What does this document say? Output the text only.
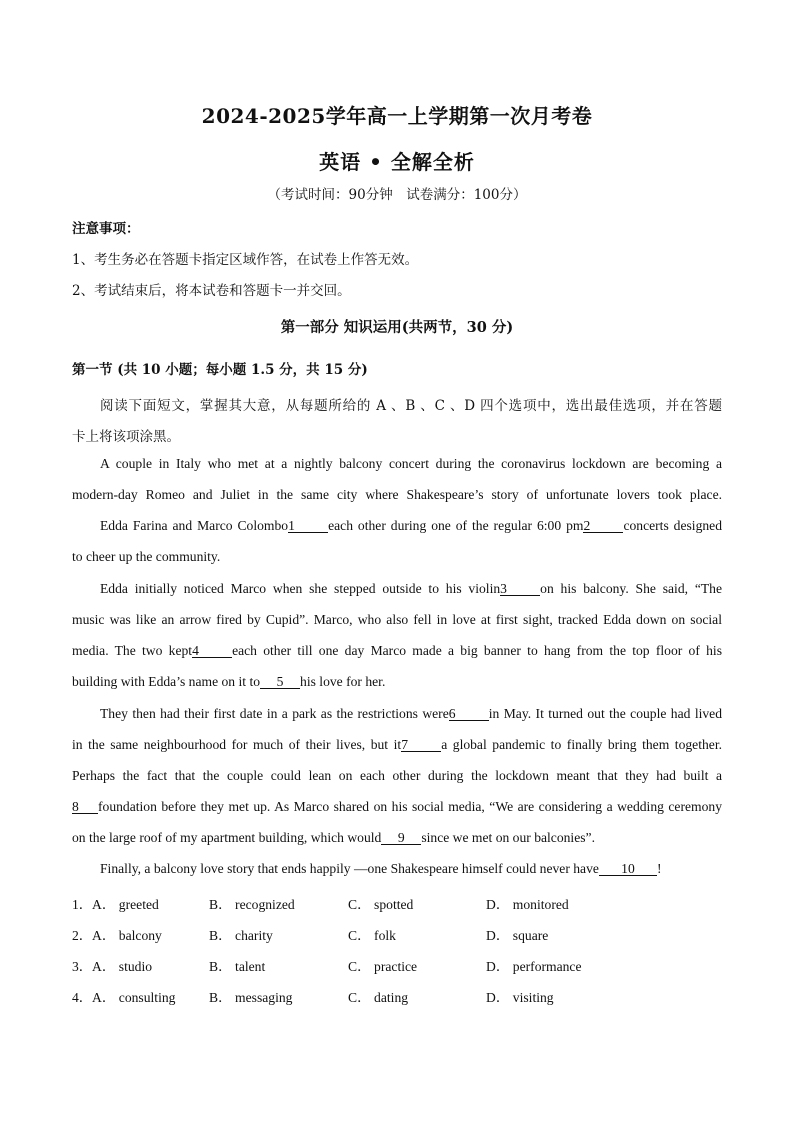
2024-2025学年高一上学期第一次月考卷
英语 • 全解全析
（考试时间：90分钟　试卷满分：100分）
注意事项：
1、考生务必在答题卡指定区域作答，在试卷上作答无效。
2、考试结束后，将本试卷和答题卡一并交回。
第一部分 知识运用(共两节，30 分)
第一节 (共 10 小题；每小题 1.5 分，共 15 分)
阅读下面短文，掌握其大意，从每题所给的 A 、B 、C 、D 四个选项中，选出最佳选项，并在答题
卡上将该项涂黑。
A couple in Italy who met at a nightly balcony concert during the coronavirus lockdown are becoming a
modern-day Romeo and Juliet in the same city where Shakespeare’s story of unfortunate lovers took place.
Edda Farina and Marco Colombo1 each other during one of the regular 6:00 pm2 concerts designed
to cheer up the community.
Edda initially noticed Marco when she stepped outside to his violin3 on his balcony. She said, “The
music was like an arrow fired by Cupid”. Marco, who also fell in love at first sight, tracked Edda down on social
media. The two kept4 each other till one day Marco made a big banner to hang from the top floor of his
building with Edda’s name on it to 5 his love for her.
They then had their first date in a park as the restrictions were6 in May. It turned out the couple had lived
in the same neighbourhood for much of their lives, but it7 a global pandemic to finally bring them together.
Perhaps the fact that the couple could lean on each other during the lockdown meant that they had built a
8 foundation before they met up. As Marco shared on his social media, “We are considering a wedding ceremony
on the large roof of my apartment building, which would 9 since we met on our balconies”.
Finally, a balcony love story that ends happily —one Shakespeare himself could never have 10 !
1． A． greeted	B． recognized	C． spotted	D． monitored
2． A． balcony	B． charity	C． folk	D． square
3． A． studio	B． talent	C． practice	D． performance
4． A． consulting B． messaging	C． dating	D． visiting
